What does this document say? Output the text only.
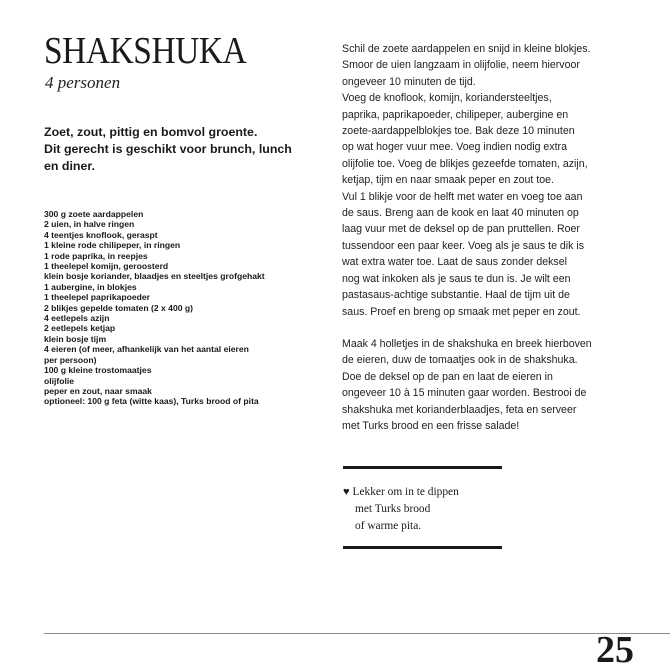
SHAKSHUKA
4 personen
Zoet, zout, pittig en bomvol groente.
Dit gerecht is geschikt voor brunch, lunch
en diner.
300 g zoete aardappelen
2 uien, in halve ringen
4 teentjes knoflook, geraspt
1 kleine rode chilipeper, in ringen
1 rode paprika, in reepjes
1 theelepel komijn, geroosterd
klein bosje koriander, blaadjes en steeltjes grofgehakt
1 aubergine, in blokjes
1 theelepel paprikapoeder
2 blikjes gepelde tomaten (2 x 400 g)
4 eetlepels azijn
2 eetlepels ketjap
klein bosje tijm
4 eieren (of meer, afhankelijk van het aantal eieren
per persoon)
100 g kleine trostomaatjes
olijfolie
peper en zout, naar smaak
optioneel: 100 g feta (witte kaas), Turks brood of pita

Schil de zoete aardappelen en snijd in kleine blokjes.
Smoor de uien langzaam in olijfolie, neem hiervoor
ongeveer 10 minuten de tijd.
Voeg de knoflook, komijn, koriandersteeltjes,
paprika, paprikapoeder, chilipeper, aubergine en
zoete-aardappelblokjes toe. Bak deze 10 minuten
op wat hoger vuur mee. Voeg indien nodig extra
olijfolie toe. Voeg de blikjes gezeefde tomaten, azijn,
ketjap, tijm en naar smaak peper en zout toe.
Vul 1 blikje voor de helft met water en voeg toe aan
de saus. Breng aan de kook en laat 40 minuten op
laag vuur met de deksel op de pan pruttellen. Roer
tussendoor een paar keer. Voeg als je saus te dik is
wat extra water toe. Laat de saus zonder deksel
nog wat inkoken als je saus te dun is. Je wilt een
pastasaus-achtige substantie. Haal de tijm uit de
saus. Proef en breng op smaak met peper en zout.

Maak 4 holletjes in de shakshuka en breek hierboven
de eieren, duw de tomaatjes ook in de shakshuka.
Doe de deksel op de pan en laat de eieren in
ongeveer 10 à 15 minuten gaar worden. Bestrooi de
shakshuka met korianderblaadjes, feta en serveer
met Turks brood en een frisse salade!

♥ Lekker om in te dippen
met Turks brood
of warme pita.
25
